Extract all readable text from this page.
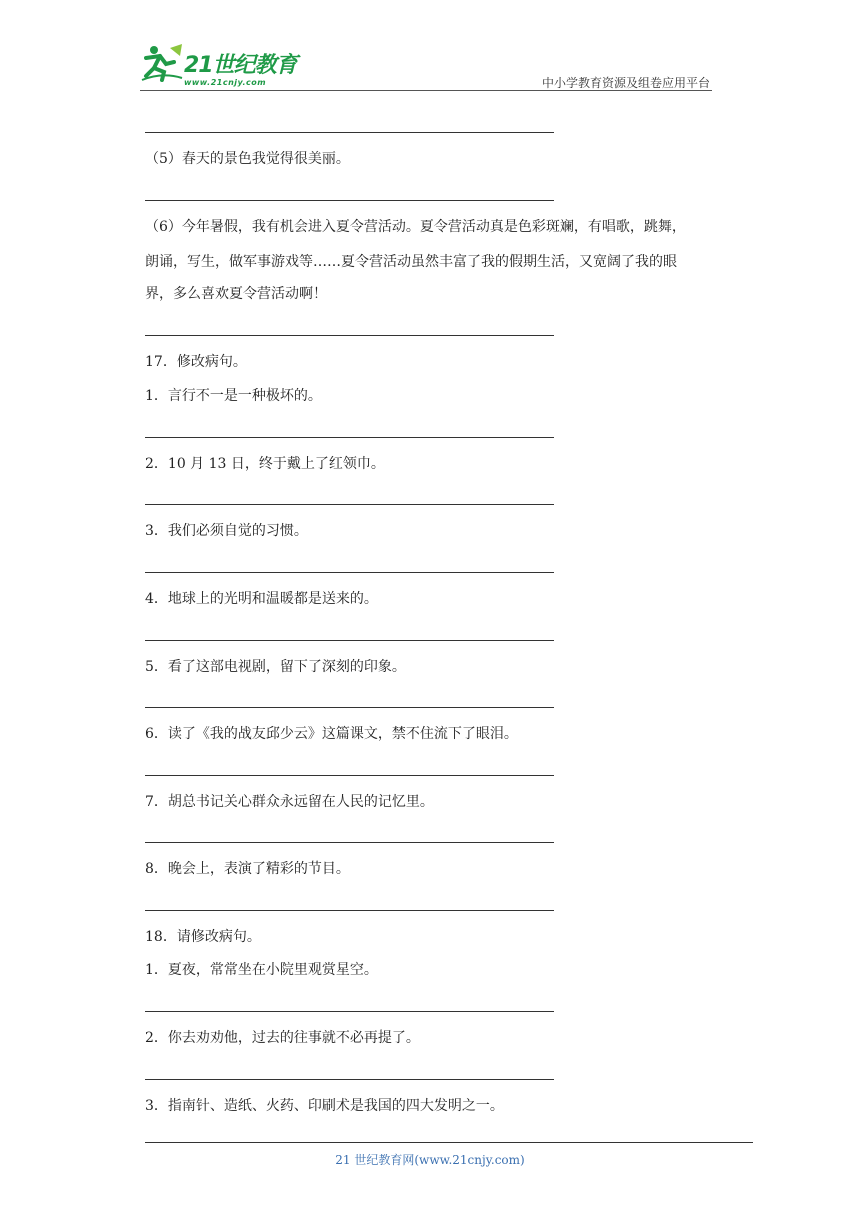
21世纪教育
www.21cnjy.com	中小学教育资源及组卷应用平台
（5）春天的景色我觉得很美丽。
（6）今年暑假，我有机会进入夏令营活动。夏令营活动真是色彩斑斓，有唱歌，跳舞，
朗诵，写生，做军事游戏等……夏令营活动虽然丰富了我的假期生活，又宽阔了我的眼
界，多么喜欢夏令营活动啊！
17．修改病句。
1．言行不一是一种极坏的。
2．10 月 13 日，终于戴上了红领巾。
3．我们必须自觉的习惯。
4．地球上的光明和温暖都是送来的。
5．看了这部电视剧，留下了深刻的印象。
6．读了《我的战友邱少云》这篇课文，禁不住流下了眼泪。
7．胡总书记关心群众永远留在人民的记忆里。
8．晚会上，表演了精彩的节目。
18．请修改病句。
1．夏夜，常常坐在小院里观赏星空。
2．你去劝劝他，过去的往事就不必再提了。
3．指南针、造纸、火药、印刷术是我国的四大发明之一。
21 世纪教育网(www.21cnjy.com)
